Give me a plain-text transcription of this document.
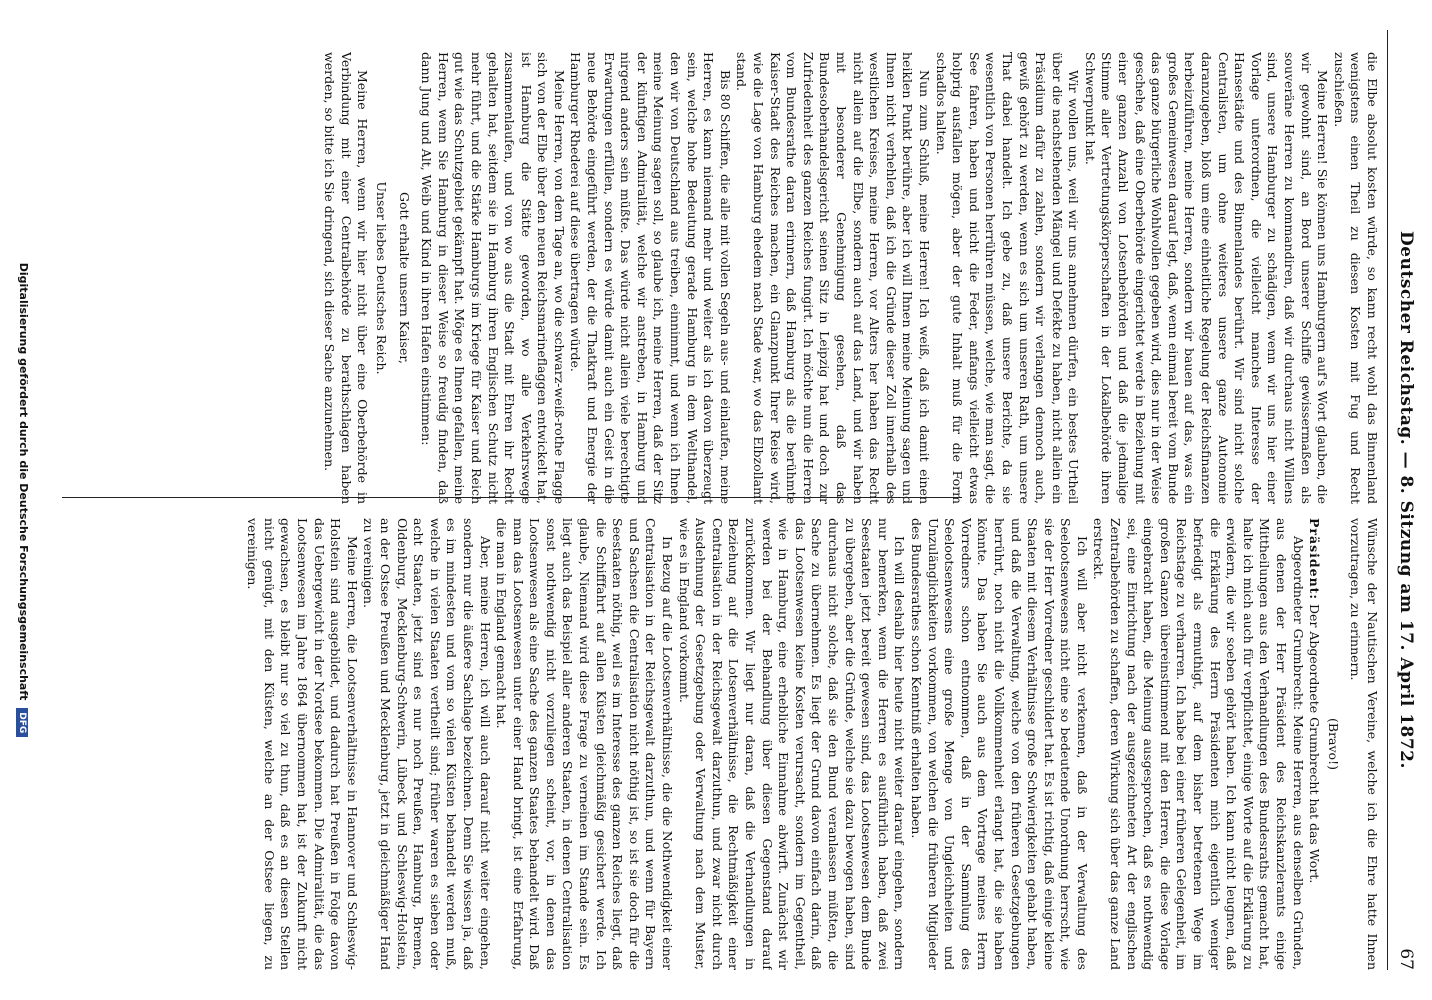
Deutscher Reichstag. — 8. Sitzung am 17. April 1872.
67

die Elbe absolut kosten würde, so kann recht wohl das Binnenland wenigstens einen Theil zu diesen Kosten mit Fug und Recht zuschießen.

Meine Herren! Sie können uns Hamburgern auf's Wort glauben, die wir gewohnt sind, an Bord unserer Schiffe gewissermaßen als souveräne Herren zu kommandiren, daß wir durchaus nicht Willens sind, unsere Hamburger zu schädigen, wenn wir uns hier einer Vorlage unterordnen, die vielleicht manches Interesse der Hansestädte und des Binnenlandes berührt. Wir sind nicht solche Centralisten, um ohne weiteres unsere ganze Autonomie daranzugeben, bloß um eine einheitliche Regelung der Reichsfinanzen herbeizuführen, meine Herren, sondern wir bauen auf das, was ein großes Gemeinwesen darauf legt, daß, wenn einmal bereit vom Bunde das ganze bürgerliche Wohlwollen gegeben wird, dies nur in der Weise geschehe, daß eine Oberbehörde eingerichtet werde in Beziehung mit einer ganzen Anzahl von Lotsenbehörden und daß die jedmalige Stimme aller Vertretungskörperschaften in der Lokalbehörde ihren Schwerpunkt hat.

Wir wollen uns, weil wir uns annehmen dürfen, ein bestes Urtheil über die nachstehenden Mängel und Defekte zu haben, nicht allein ein Präsidium dafür zu zahlen, sondern wir verlangen dennoch auch, gewiß gehört zu werden, wenn es sich um unseren Rath, um unsere That dabei handelt. Ich gebe zu, daß unsere Berichte, da sie wesentlich von Personen herrühren müssen, welche, wie man sagt, die See fahren, haben und nicht die Feder, anfangs vielleicht etwas holprig ausfallen mögen, aber der gute Inhalt muß für die Form schadlos halten.

Nun zum Schluß, meine Herren! Ich weiß, daß ich damit einen heiklen Punkt berühre, aber ich will Ihnen meine Meinung sagen und Ihnen nicht verhehlen, daß ich die Gründe dieser Zoll innerhalb des westlichen Kreises, meine Herren, vor Alters her haben das Recht nicht allein auf die Elbe, sondern auch auf das Land, und wir haben mit besonderer Genehmigung gesehen, daß das Bundesoberhandelsgericht seinen Sitz in Leipzig hat und doch zur Zufriedenheit des ganzen Reiches fungirt. Ich möchte nun die Herren vom Bundesrathe daran erinnern, daß Hamburg als die berühmte Kaiser-Stadt des Reiches machen, ein Glanzpunkt Ihrer Reise wird, wie die Lage von Hamburg ehedem nach Stade war, wo das Elbzollamt stand.

Bis 80 Schiffen, die alle mit vollen Segeln aus- und einlaufen, meine Herren, es kann niemand mehr und weiter als ich davon überzeugt sein, welche hohe Bedeutung gerade Hamburg in dem Welthandel, den wir von Deutschland aus treiben, einnimmt, und wenn ich Ihnen meine Meinung sagen soll, so glaube ich, meine Herren, daß der Sitz der künftigen Admiralität, welche wir anstreben, in Hamburg und nirgend anders sein müßte. Das würde nicht allein viele berechtigte Erwartungen erfüllen, sondern es würde damit auch ein Geist in die neue Behörde eingeführt werden, der die Thatkraft und Energie der Hamburger Rhederei auf diese übertragen würde.

Meine Herren, von dem Tage an, wo die schwarz-weiß-rothe Flagge sich von der Elbe über den neuen Reichsmarineflaggen entwickelt hat, ist Hamburg die Stätte geworden, wo alle Verkehrswege zusammenlaufen, und von wo aus die Stadt mit Ehren ihr Recht gehalten hat, seitdem sie in Hamburg ihren Englischen Schutz nicht mehr führt, und die Stärke Hamburgs im Kriege für Kaiser und Reich gut wie das Schutzgebiet gekämpft hat. Möge es Ihnen gefallen, meine Herren, wenn Sie Hamburg in dieser Weise so freudig finden, daß dann Jung und Alt, Weib und Kind in ihren Hafen einstimmen:

Gott erhalte unsern Kaiser,

Unser liebes Deutsches Reich.

Meine Herren, wenn wir hier nicht über eine Oberbehörde in Verbindung mit einer Centralbehörde zu berathschlagen haben werden, so bitte ich Sie dringend, sich dieser Sache anzunehmen.

Wünsche der Nautischen Vereine, welche ich die Ehre hatte Ihnen vorzutragen, zu erinnern.

(Bravo!)

Präsident: Der Abgeordnete Grumbrecht hat das Wort.

Abgeordneter Grumbrecht: Meine Herren, aus denselben Gründen, aus denen der Herr Präsident des Reichskanzleramts einige Mittheilungen aus den Verhandlungen des Bundesraths gemacht hat, halte ich mich auch für verpflichtet, einige Worte auf die Erklärung zu erwidern, die wir soeben gehört haben. Ich kann nicht leugnen, daß die Erklärung des Herrn Präsidenten mich eigentlich weniger befriedigt als ermuthigt, auf dem bisher betretenen Wege im Reichstage zu verharren. Ich habe bei einer früheren Gelegenheit, im großen Ganzen übereinstimmend mit den Herren, die diese Vorlage eingebracht haben, die Meinung ausgesprochen, daß es nothwendig sei, eine Einrichtung nach der ausgezeichneten Art der englischen Zentralbehörden zu schaffen, deren Wirkung sich über das ganze Land erstreckt.

Ich will aber nicht verkennen, daß in der Verwaltung des Seelootsenwesens nicht eine so bedeutende Unordnung herrscht, wie sie der Herr Vorredner geschildert hat. Es ist richtig, daß einige kleine Staaten mit diesem Verhältnisse große Schwierigkeiten gehabt haben, und daß die Verwaltung, welche von den früheren Gesetzgebungen herrührt, noch nicht die Vollkommenheit erlangt hat, die sie haben könnte. Das haben Sie auch aus dem Vortrage meines Herrn Vorredners schon entnommen, daß in der Sammlung des Seelootsenwesens eine große Menge von Ungleichheiten und Unzulänglichkeiten vorkommen, von welchen die früheren Mitglieder des Bundesrathes schon Kenntniß erhalten haben.

Ich will deshalb hier heute nicht weiter darauf eingehen, sondern nur bemerken, wenn die Herren es ausführlich haben, daß zwei Seestaaten jetzt bereit gewesen sind, das Lootsenwesen dem Bunde zu übergeben, aber die Gründe, welche sie dazu bewogen haben, sind durchaus nicht solche, daß sie den Bund veranlassen müßten, die Sache zu übernehmen. Es liegt der Grund davon einfach darin, daß das Lootsenwesen keine Kosten verursacht, sondern im Gegentheil, wie in Hamburg, eine erhebliche Einnahme abwirft. Zunächst wir werden bei der Behandlung über diesen Gegenstand darauf zurückkommen. Wir liegt nur daran, daß die Verhandlungen in Beziehung auf die Lotsenverhältnisse, die Rechtmäßigkeit einer Centralisation in der Reichsgewalt darzuthun, und zwar nicht durch Ausdehnung der Gesetzgebung oder Verwaltung nach dem Muster, wie es in England vorkommt.

In Bezug auf die Lootsenverhältnisse, die die Nothwendigkeit einer Centralisation in der Reichsgewalt darzuthun, und wenn für Bayern und Sachsen die Centralisation nicht nöthig ist, so ist sie doch für die Seestaaten nöthig, weil es im Interesse des ganzen Reiches liegt, daß die Schifffahrt auf allen Küsten gleichmäßig gesichert werde. Ich glaube, Niemand wird diese Frage zu verneinen im Stande sein. Es liegt auch das Beispiel aller anderen Staaten, in denen Centralisation sonst nothwendig nicht vorzuliegen scheint, vor, in denen das Lootsenwesen als eine Sache des ganzen Staates behandelt wird. Daß man das Lootsenwesen unter einer Hand bringt, ist eine Erfahrung, die man in England gemacht hat.

Aber, meine Herren, ich will auch darauf nicht weiter eingehen, sondern nur die äußere Sachlage bezeichnen. Denn Sie wissen ja, daß es im mindesten und vom so vielen Küsten behandelt werden muß, welche in vielen Staaten vertheilt sind; früher waren es sieben oder acht Staaten, jetzt sind es nur noch Preußen, Hamburg, Bremen, Oldenburg, Mecklenburg-Schwerin, Lübeck und Schleswig-Holstein, an der Ostsee Preußen und Mecklenburg, jetzt in gleichmäßiger Hand zu vereinigen.

Meine Herren, die Lootsenverhältnisse in Hannover und Schleswig-Holstein sind ausgebildet, und dadurch hat Preußen in Folge davon das Uebergewicht in der Nordsee bekommen. Die Admiralität, die das Lootsenwesen im Jahre 1864 übernommen hat, ist der Zukunft nicht gewachsen, es bleibt nur so viel zu thun, daß es an diesen Stellen nicht genügt, mit den Küsten, welche an der Ostsee liegen, zu vereinigen.

Digitalisierung gefördert durch die Deutsche Forschungsgemeinschaft DFG
